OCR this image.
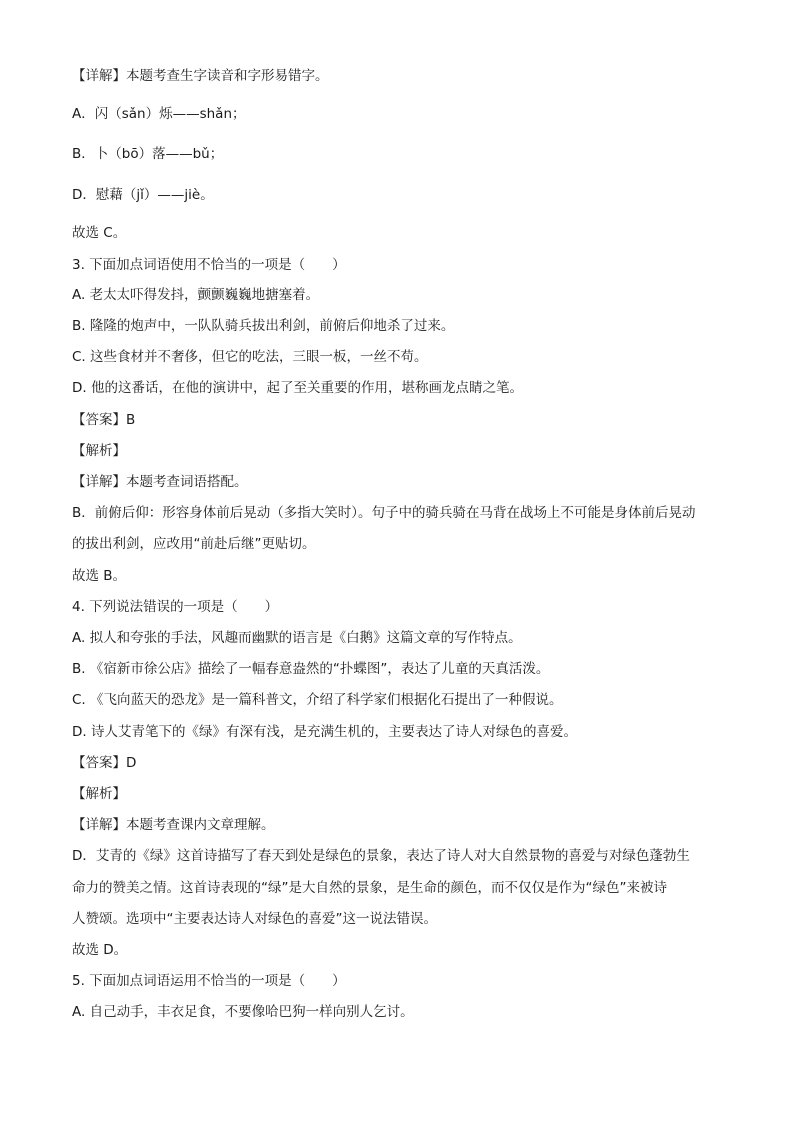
【详解】本题考查生字读音和字形易错字。
A．闪（sǎn）烁——shǎn；
B．卜（bō）落——bǔ；
D．慰藉（jǐ）——jiè。
故选 C。
3. 下面加点词语使用不恰当的一项是（　　）
A. 老太太吓得发抖，颤颤巍巍地搪塞着。
B. 隆隆的炮声中，一队队骑兵拔出利剑，前俯后仰地杀了过来。
C. 这些食材并不奢侈，但它的吃法，三眼一板，一丝不苟。
D. 他的这番话，在他的演讲中，起了至关重要的作用，堪称画龙点睛之笔。
【答案】B
【解析】
【详解】本题考查词语搭配。
B．前俯后仰：形容身体前后晃动（多指大笑时）。句子中的骑兵骑在马背在战场上不可能是身体前后晃动
的拔出利剑，应改用“前赴后继”更贴切。
故选 B。
4. 下列说法错误的一项是（　　）
A. 拟人和夸张的手法，风趣而幽默的语言是《白鹅》这篇文章的写作特点。
B. 《宿新市徐公店》描绘了一幅春意盎然的“扑蝶图”，表达了儿童的天真活泼。
C. 《飞向蓝天的恐龙》是一篇科普文，介绍了科学家们根据化石提出了一种假说。
D. 诗人艾青笔下的《绿》有深有浅，是充满生机的，主要表达了诗人对绿色的喜爱。
【答案】D
【解析】
【详解】本题考查课内文章理解。
D．艾青的《绿》这首诗描写了春天到处是绿色的景象，表达了诗人对大自然景物的喜爱与对绿色蓬勃生
命力的赞美之情。这首诗表现的“绿”是大自然的景象，是生命的颜色，而不仅仅是作为“绿色”来被诗
人赞颂。选项中“主要表达诗人对绿色的喜爱”这一说法错误。
故选 D。
5. 下面加点词语运用不恰当的一项是（　　）
A. 自己动手，丰衣足食，不要像哈巴狗一样向别人乞讨。
